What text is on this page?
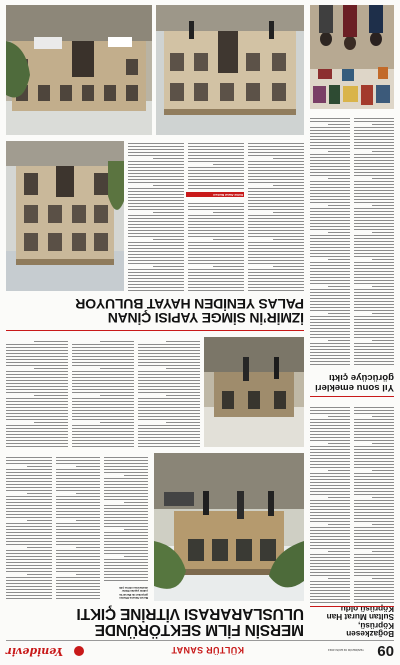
09
YENİDEVİR 02 EKİM 2024
KÜLTÜR SANAT
Yenidevir
Boğazkesen Köprüsü,
Sultan Murat Han
Köprüsü oldu
Yıl sonu emekleri
görücüye çıktı
MERSİN FİLM SEKTÖRÜNDE
ULUSLARARASI VİTRİNE ÇIKTI
Mersin Sinema Ofisinin
girişimleri ile Mersin’de
çekimi yapılan filmler
uluslararası vitrine çıktı
İZMİR’İN SİMGE YAPISI ÇİNAN
PALAS YENİDEN HAYAT BULUYOR
Kültür-Sanat Merkezi
